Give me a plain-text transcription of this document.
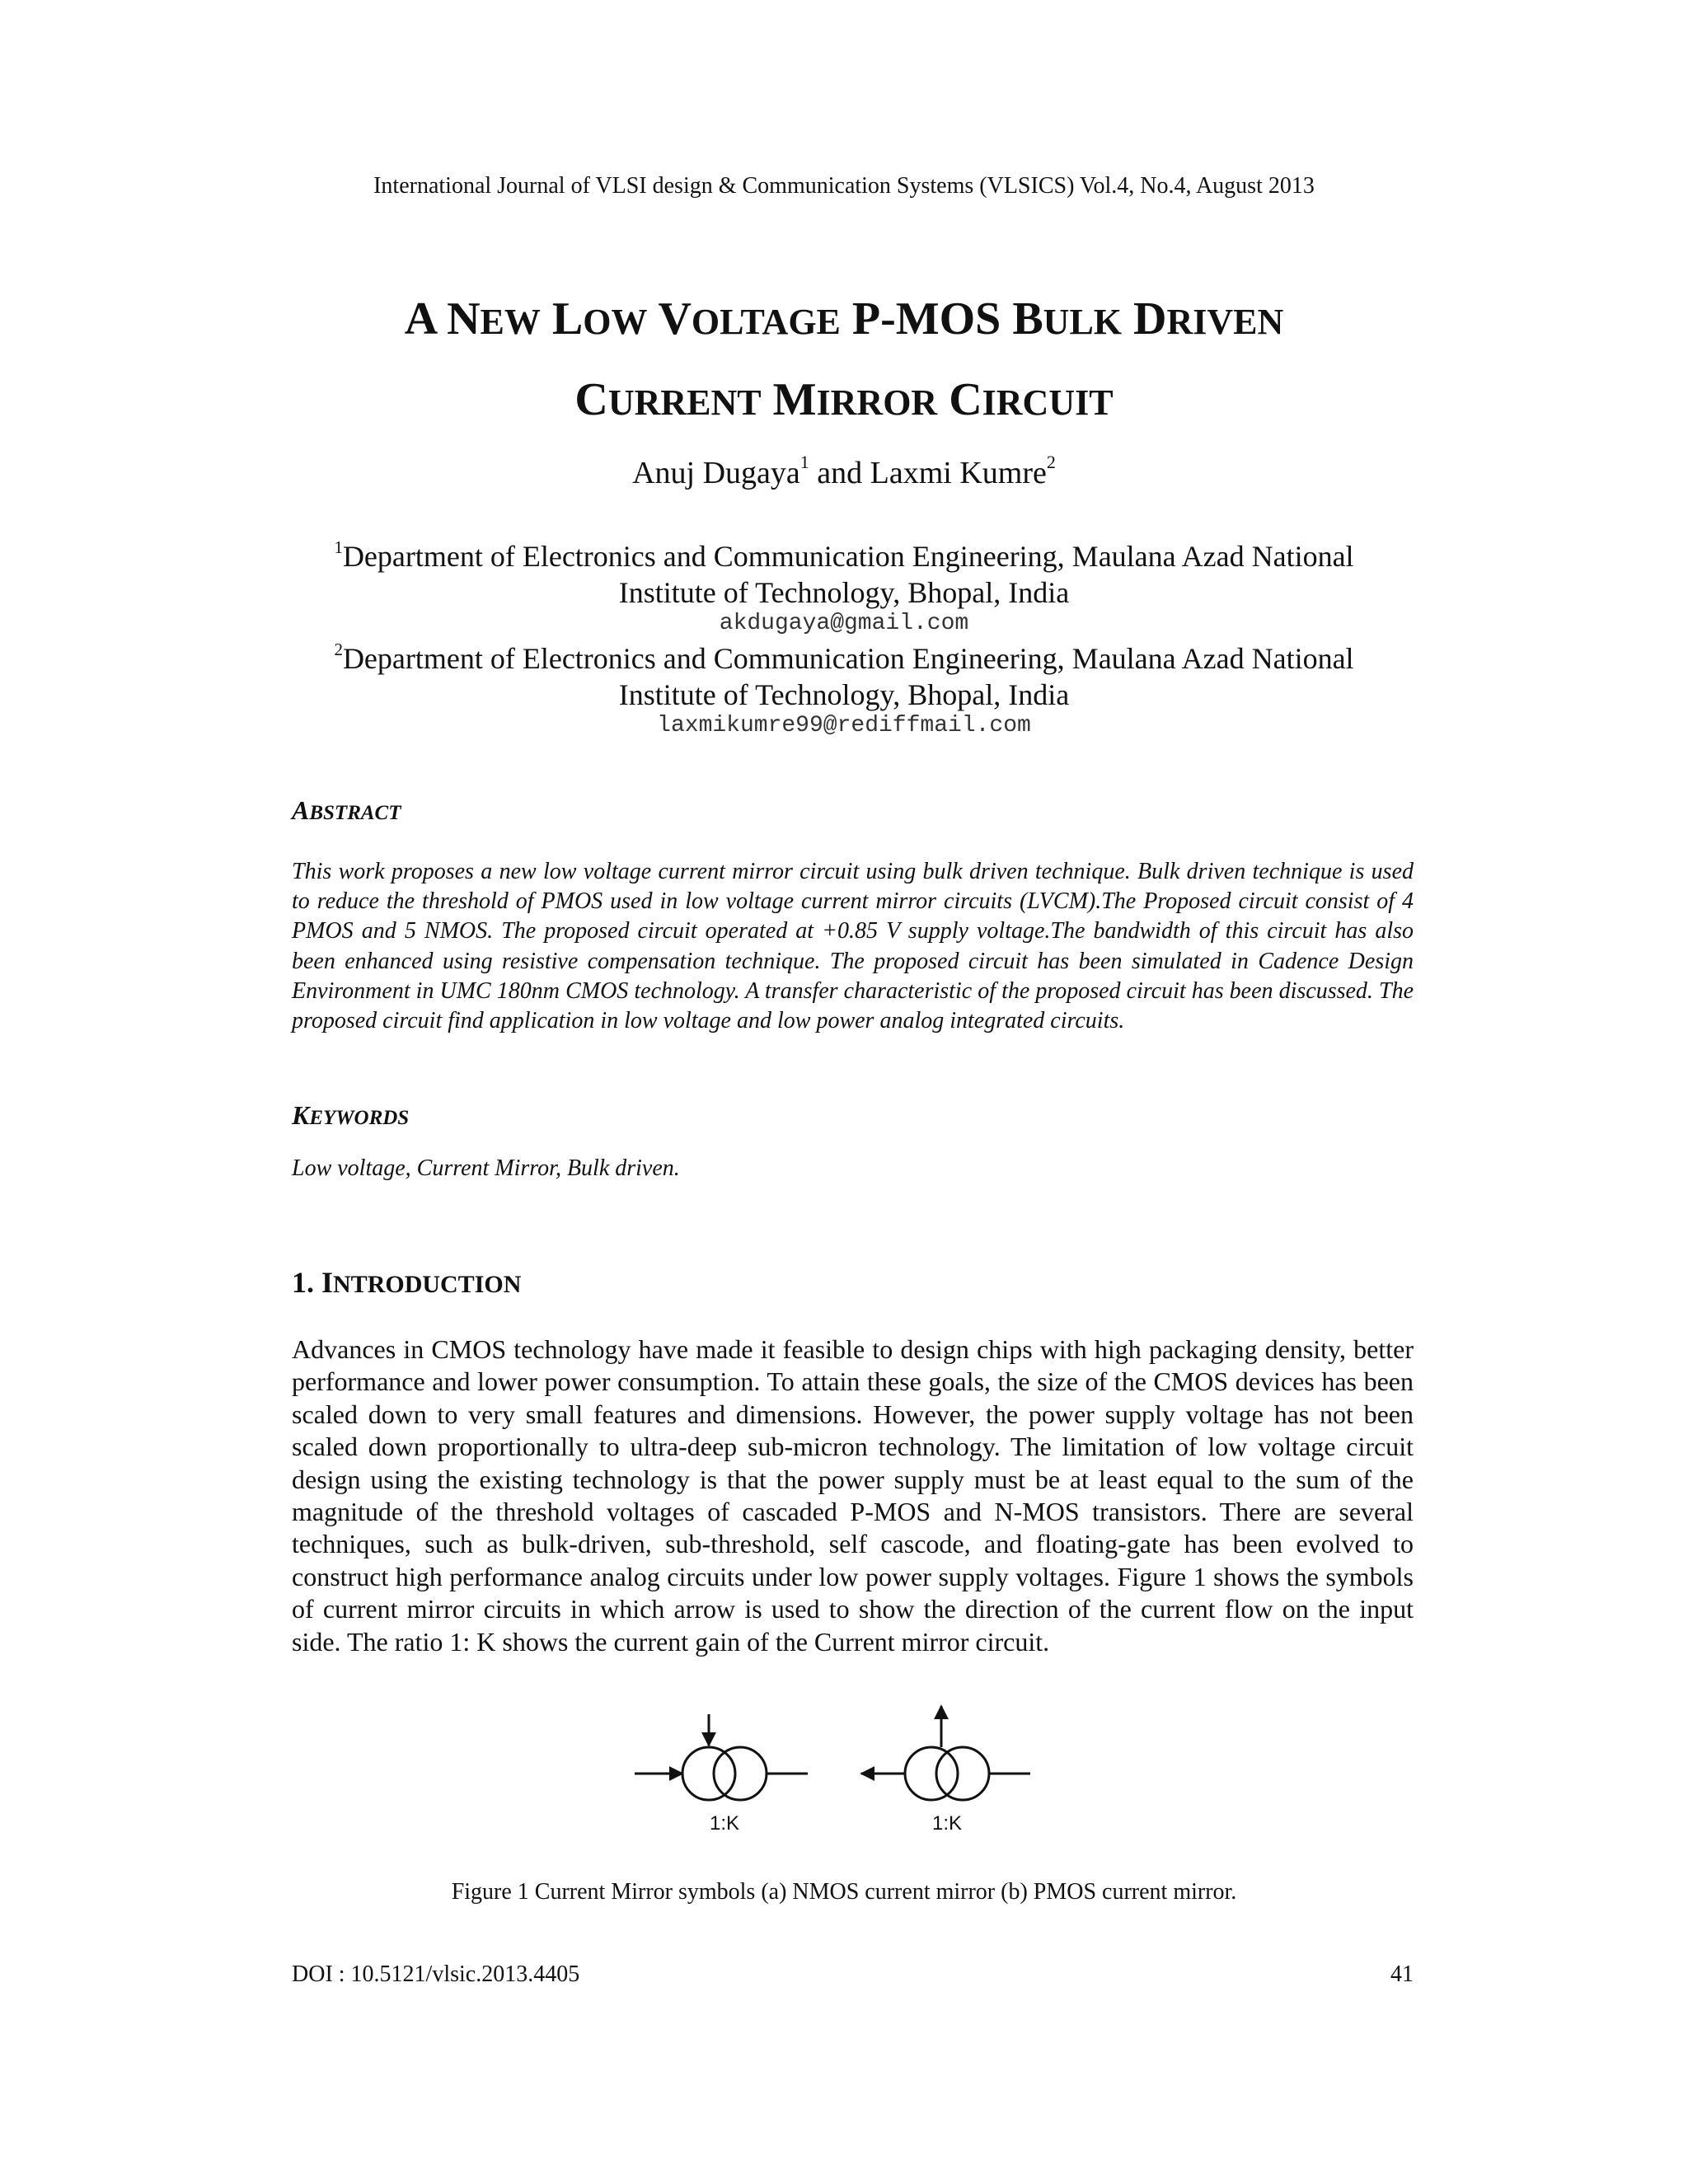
International Journal of VLSI design & Communication Systems (VLSICS) Vol.4, No.4, August 2013
A NEW LOW VOLTAGE P-MOS BULK DRIVEN
CURRENT MIRROR CIRCUIT
Anuj Dugaya$^1$ and Laxmi Kumre$^2$
$^1$Department of Electronics and Communication Engineering, Maulana Azad National
Institute of Technology, Bhopal, India
akdugaya@gmail.com
$^2$Department of Electronics and Communication Engineering, Maulana Azad National
Institute of Technology, Bhopal, India
laxmikumre99@rediffmail.com
ABSTRACT
This work proposes a new low voltage current mirror circuit using bulk driven technique. Bulk driven technique is used to reduce the threshold of PMOS used in low voltage current mirror circuits (LVCM).The Proposed circuit consist of 4 PMOS and 5 NMOS. The proposed circuit operated at +0.85 V supply voltage.The bandwidth of this circuit has also been enhanced using resistive compensation technique. The proposed circuit has been simulated in Cadence Design Environment in UMC 180nm CMOS technology. A transfer characteristic of the proposed circuit has been discussed. The proposed circuit find application in low voltage and low power analog integrated circuits.
KEYWORDS
Low voltage, Current Mirror, Bulk driven.
1. INTRODUCTION
Advances in CMOS technology have made it feasible to design chips with high packaging density, better performance and lower power consumption. To attain these goals, the size of the CMOS devices has been scaled down to very small features and dimensions. However, the power supply voltage has not been scaled down proportionally to ultra-deep sub-micron technology. The limitation of low voltage circuit design using the existing technology is that the power supply must be at least equal to the sum of the magnitude of the threshold voltages of cascaded P-MOS and N-MOS transistors. There are several techniques, such as bulk-driven, sub-threshold, self cascode, and floating-gate has been evolved to construct high performance analog circuits under low power supply voltages. Figure 1 shows the symbols of current mirror circuits in which arrow is used to show the direction of the current flow on the input side. The ratio 1: K shows the current gain of the Current mirror circuit.
1:K	1:K
Figure 1 Current Mirror symbols (a) NMOS current mirror (b) PMOS current mirror.
DOI : 10.5121/vlsic.2013.4405	41
